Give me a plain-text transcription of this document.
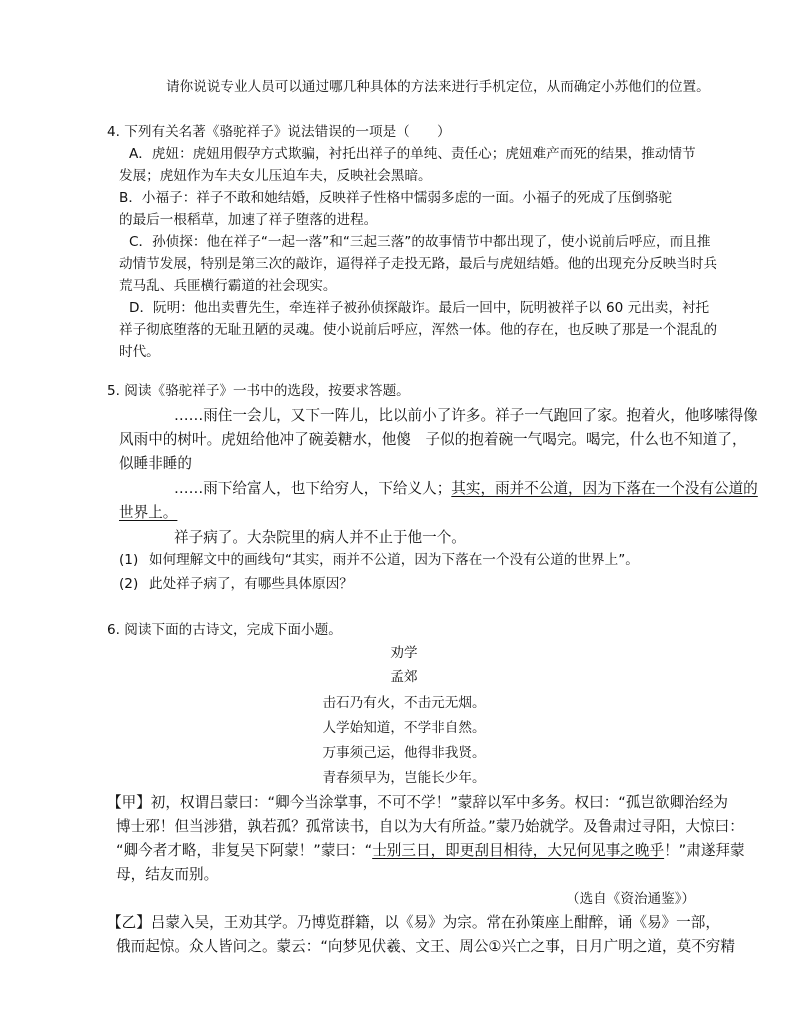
请你说说专业人员可以通过哪几种具体的方法来进行手机定位，从而确定小苏他们的位置。
4. 下列有关名著《骆驼祥子》说法错误的一项是（　　）
A．虎妞：虎妞用假孕方式欺骗，衬托出祥子的单纯、责任心；虎妞难产而死的结果，推动情节
发展；虎妞作为车夫女儿压迫车夫，反映社会黑暗。
B．小福子：祥子不敢和她结婚，反映祥子性格中懦弱多虑的一面。小福子的死成了压倒骆驼
的最后一根稻草，加速了祥子堕落的进程。
C．孙侦探：他在祥子“一起一落”和“三起三落”的故事情节中都出现了，使小说前后呼应，而且推
动情节发展，特别是第三次的敲诈，逼得祥子走投无路，最后与虎妞结婚。他的出现充分反映当时兵
荒马乱、兵匪横行霸道的社会现实。
D．阮明：他出卖曹先生，牵连祥子被孙侦探敲诈。最后一回中，阮明被祥子以 60 元出卖，衬托
祥子彻底堕落的无耻丑陋的灵魂。使小说前后呼应，浑然一体。他的存在，也反映了那是一个混乱的
时代。
5. 阅读《骆驼祥子》一书中的选段，按要求答题。
……雨住一会儿，又下一阵儿，比以前小了许多。祥子一气跑回了家。抱着火，他哆嗦得像
风雨中的树叶。虎妞给他冲了碗姜糖水，他傻　子似的抱着碗一气喝完。喝完，什么也不知道了，
似睡非睡的
……雨下给富人，也下给穷人，下给义人；其实，雨并不公道，因为下落在一个没有公道的
世界上。
祥子病了。大杂院里的病人并不止于他一个。
(1) 如何理解文中的画线句“其实，雨并不公道，因为下落在一个没有公道的世界上”。
(2) 此处祥子病了，有哪些具体原因？
6. 阅读下面的古诗文，完成下面小题。
劝学
孟郊
击石乃有火，不击元无烟。
人学始知道，不学非自然。
万事须己运，他得非我贤。
青春须早为，岂能长少年。
【甲】初，权谓吕蒙曰：“卿今当涂掌事，不可不学！”蒙辞以军中多务。权曰：“孤岂欲卿治经为
博士邪！但当涉猎，孰若孤？孤常读书，自以为大有所益。”蒙乃始就学。及鲁肃过寻阳，大惊曰：
“卿今者才略，非复吴下阿蒙！”蒙曰：“士别三日，即更刮目相待，大兄何见事之晚乎！”肃遂拜蒙
母，结友而别。
（选自《资治通鉴》）
【乙】吕蒙入吴，王劝其学。乃博览群籍，以《易》为宗。常在孙策座上酣醉，诵《易》一部，
俄而起惊。众人皆问之。蒙云：“向梦见伏羲、文王、周公①兴亡之事，日月广明之道，莫不穷精
